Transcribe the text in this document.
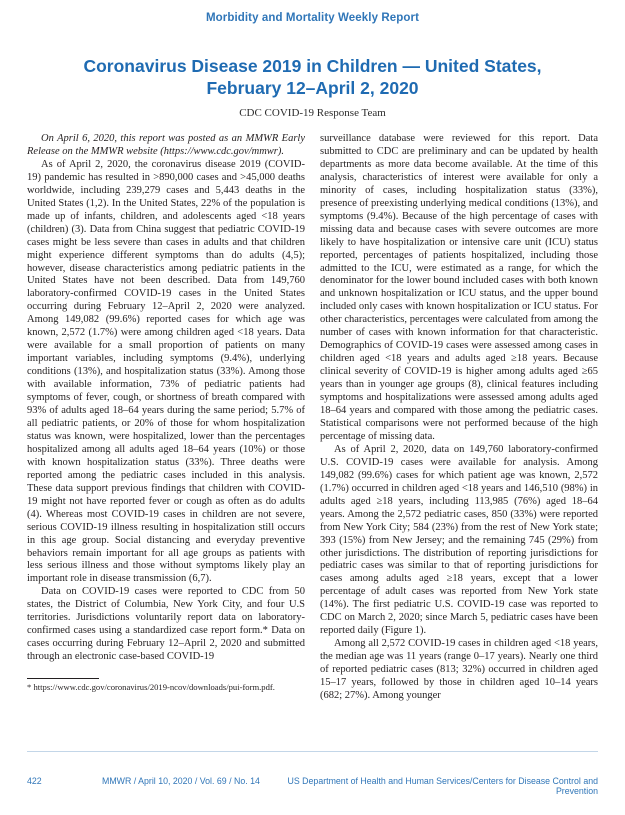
Morbidity and Mortality Weekly Report
Coronavirus Disease 2019 in Children — United States,
February 12–April 2, 2020
CDC COVID-19 Response Team

On April 6, 2020, this report was posted as an MMWR Early Release on the MMWR website (https://www.cdc.gov/mmwr).

As of April 2, 2020, the coronavirus disease 2019 (COVID-19) pandemic has resulted in >890,000 cases and >45,000 deaths worldwide, including 239,279 cases and 5,443 deaths in the United States (1,2). In the United States, 22% of the population is made up of infants, children, and adolescents aged <18 years (children) (3). Data from China suggest that pediatric COVID-19 cases might be less severe than cases in adults and that children might experience different symptoms than do adults (4,5); however, disease characteristics among pediatric patients in the United States have not been described. Data from 149,760 laboratory-confirmed COVID-19 cases in the United States occurring during February 12–April 2, 2020 were analyzed. Among 149,082 (99.6%) reported cases for which age was known, 2,572 (1.7%) were among children aged <18 years. Data were available for a small proportion of patients on many important variables, including symptoms (9.4%), underlying conditions (13%), and hospitalization status (33%). Among those with available information, 73% of pediatric patients had symptoms of fever, cough, or shortness of breath compared with 93% of adults aged 18–64 years during the same period; 5.7% of all pediatric patients, or 20% of those for whom hospitalization status was known, were hospitalized, lower than the percentages hospitalized among all adults aged 18–64 years (10%) or those with known hospitalization status (33%). Three deaths were reported among the pediatric cases included in this analysis. These data support previous findings that children with COVID-19 might not have reported fever or cough as often as do adults (4). Whereas most COVID-19 cases in children are not severe, serious COVID-19 illness resulting in hospitalization still occurs in this age group. Social distancing and everyday preventive behaviors remain important for all age groups as patients with less serious illness and those without symptoms likely play an important role in disease transmission (6,7).

Data on COVID-19 cases were reported to CDC from 50 states, the District of Columbia, New York City, and four U.S territories. Jurisdictions voluntarily report data on laboratory-confirmed cases using a standardized case report form.* Data on cases occurring during February 12–April 2, 2020 and submitted through an electronic case-based COVID-19

* https://www.cdc.gov/coronavirus/2019-ncov/downloads/pui-form.pdf.

surveillance database were reviewed for this report. Data submitted to CDC are preliminary and can be updated by health departments as more data become available. At the time of this analysis, characteristics of interest were available for only a minority of cases, including hospitalization status (33%), presence of preexisting underlying medical conditions (13%), and symptoms (9.4%). Because of the high percentage of cases with missing data and because cases with severe outcomes are more likely to have hospitalization or intensive care unit (ICU) status reported, percentages of patients hospitalized, including those admitted to the ICU, were estimated as a range, for which the denominator for the lower bound included cases with both known and unknown hospitalization or ICU status, and the upper bound included only cases with known hospitalization or ICU status. For other characteristics, percentages were calculated from among the number of cases with known information for that characteristic. Demographics of COVID-19 cases were assessed among cases in children aged <18 years and adults aged ≥18 years. Because clinical severity of COVID-19 is higher among adults aged ≥65 years than in younger age groups (8), clinical features including symptoms and hospitalizations were assessed among adults aged 18–64 years and compared with those among the pediatric cases. Statistical comparisons were not performed because of the high percentage of missing data.

As of April 2, 2020, data on 149,760 laboratory-confirmed U.S. COVID-19 cases were available for analysis. Among 149,082 (99.6%) cases for which patient age was known, 2,572 (1.7%) occurred in children aged <18 years and 146,510 (98%) in adults aged ≥18 years, including 113,985 (76%) aged 18–64 years. Among the 2,572 pediatric cases, 850 (33%) were reported from New York City; 584 (23%) from the rest of New York state; 393 (15%) from New Jersey; and the remaining 745 (29%) from other jurisdictions. The distribution of reporting jurisdictions for pediatric cases was similar to that of reporting jurisdictions for cases among adults aged ≥18 years, except that a lower percentage of adult cases was reported from New York state (14%). The first pediatric U.S. COVID-19 case was reported to CDC on March 2, 2020; since March 5, pediatric cases have been reported daily (Figure 1).

Among all 2,572 COVID-19 cases in children aged <18 years, the median age was 11 years (range 0–17 years). Nearly one third of reported pediatric cases (813; 32%) occurred in children aged 15–17 years, followed by those in children aged 10–14 years (682; 27%). Among younger

422	MMWR / April 10, 2020 / Vol. 69 / No. 14	US Department of Health and Human Services/Centers for Disease Control and Prevention
